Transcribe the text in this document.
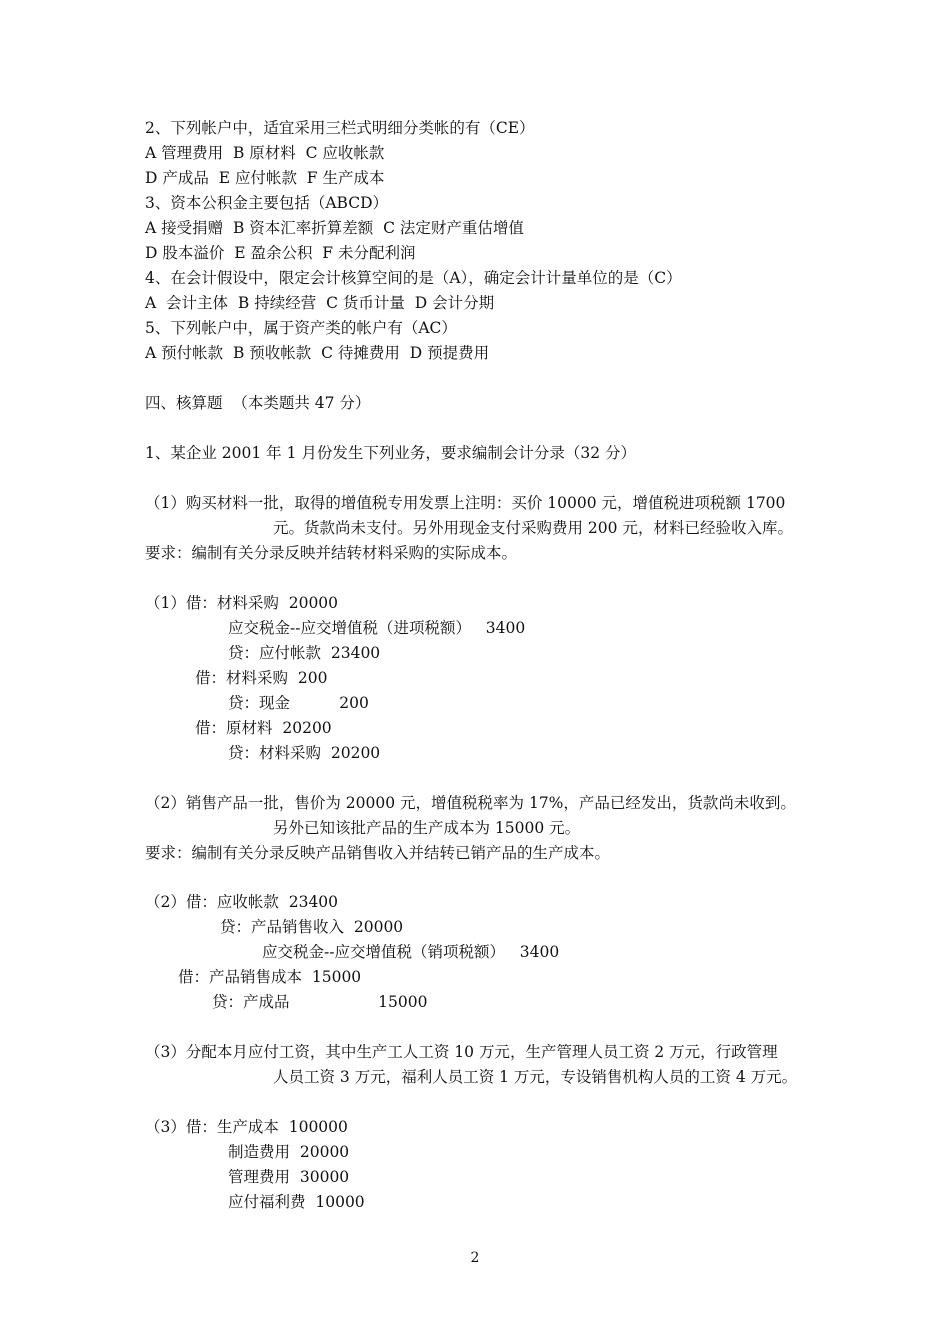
2、下列帐户中，适宜采用三栏式明细分类帐的有（CE）
A 管理费用  B 原材料  C 应收帐款
D 产成品  E 应付帐款  F 生产成本
3、资本公积金主要包括（ABCD）
A 接受捐赠  B 资本汇率折算差额  C 法定财产重估增值
D 股本溢价  E 盈余公积  F 未分配利润
4、在会计假设中，限定会计核算空间的是（A），确定会计计量单位的是（C）
A  会计主体  B 持续经营  C 货币计量  D 会计分期
5、下列帐户中，属于资产类的帐户有（AC）
A 预付帐款  B 预收帐款  C 待摊费用  D 预提费用
四、核算题  （本类题共 47 分）
1、某企业 2001 年 1 月份发生下列业务，要求编制会计分录（32 分）
（1）购买材料一批，取得的增值税专用发票上注明：买价 10000 元，增值税进项税额 1700
元。货款尚未支付。另外用现金支付采购费用 200 元，材料已经验收入库。
要求：编制有关分录反映并结转材料采购的实际成本。
（1）借：材料采购  20000
应交税金--应交增值税（进项税额）   3400
贷：应付帐款  23400
借：材料采购  200
贷：现金          200
借：原材料  20200
贷：材料采购  20200
（2）销售产品一批，售价为 20000 元，增值税税率为 17%，产品已经发出，货款尚未收到。
另外已知该批产品的生产成本为 15000 元。
要求：编制有关分录反映产品销售收入并结转已销产品的生产成本。
（2）借：应收帐款  23400
贷：产品销售收入  20000
应交税金--应交增值税（销项税额）   3400
借：产品销售成本  15000
贷：产成品                  15000
（3）分配本月应付工资，其中生产工人工资 10 万元，生产管理人员工资 2 万元，行政管理
人员工资 3 万元，福利人员工资 1 万元，专设销售机构人员的工资 4 万元。
（3）借：生产成本  100000
制造费用  20000
管理费用  30000
应付福利费  10000
2
